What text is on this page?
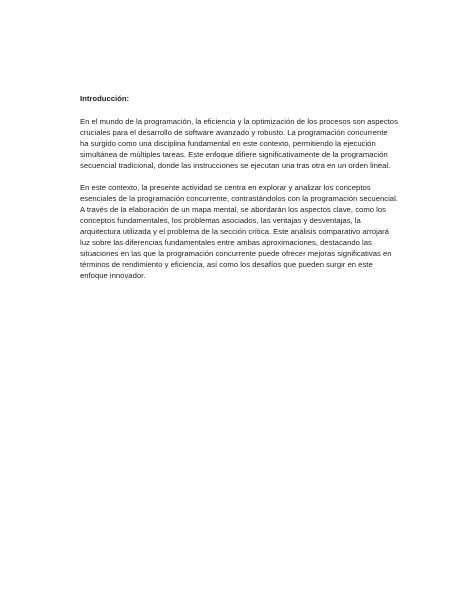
Introducción:

En el mundo de la programación, la eficiencia y la optimización de los procesos son aspectos cruciales para el desarrollo de software avanzado y robusto. La programación concurrente ha surgido como una disciplina fundamental en este contexto, permitiendo la ejecución simultánea de múltiples tareas. Este enfoque difiere significativamente de la programación secuencial tradicional, donde las instrucciones se ejecutan una tras otra en un orden lineal.

En este contexto, la presente actividad se centra en explorar y analizar los conceptos esenciales de la programación concurrente, contrastándolos con la programación secuencial. A través de la elaboración de un mapa mental, se abordarán los aspectos clave, como los conceptos fundamentales, los problemas asociados, las ventajas y desventajas, la arquitectura utilizada y el problema de la sección crítica. Este análisis comparativo arrojará luz sobre las diferencias fundamentales entre ambas aproximaciones, destacando las situaciones en las que la programación concurrente puede ofrecer mejoras significativas en términos de rendimiento y eficiencia, así como los desafíos que pueden surgir en este enfoque innovador.
